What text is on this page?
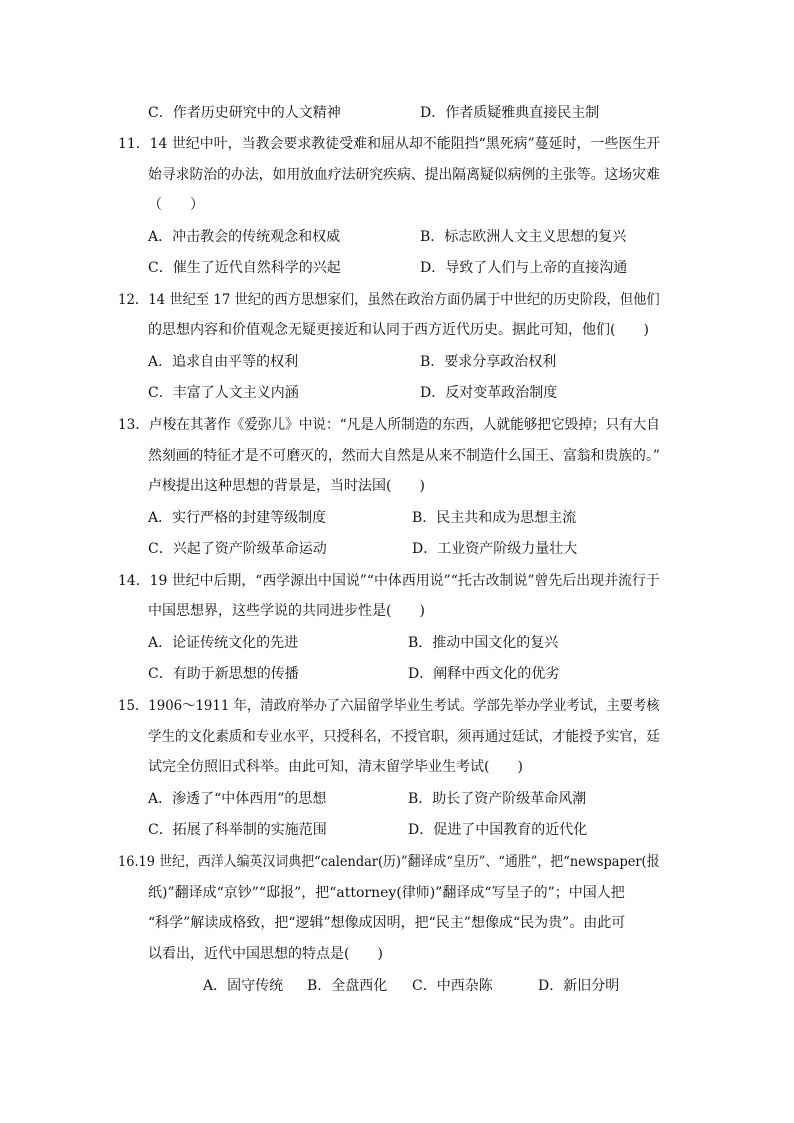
C．作者历史研究中的人文精神	D．作者质疑雅典直接民主制
11．14 世纪中叶，当教会要求教徒受难和屈从却不能阻挡“黑死病”蔓延时，一些医生开
始寻求防治的办法，如用放血疗法研究疾病、提出隔离疑似病例的主张等。这场灾难
（　　）
A．冲击教会的传统观念和权威	B．标志欧洲人文主义思想的复兴
C．催生了近代自然科学的兴起	D．导致了人们与上帝的直接沟通
12．14 世纪至 17 世纪的西方思想家们，虽然在政治方面仍属于中世纪的历史阶段，但他们
的思想内容和价值观念无疑更接近和认同于西方近代历史。据此可知，他们(　　)
A．追求自由平等的权利	B．要求分享政治权利
C．丰富了人文主义内涵	D．反对变革政治制度
13．卢梭在其著作《爱弥儿》中说：“凡是人所制造的东西，人就能够把它毁掉；只有大自
然刻画的特征才是不可磨灭的，然而大自然是从来不制造什么国王、富翁和贵族的。”
卢梭提出这种思想的背景是，当时法国(　　)
A．实行严格的封建等级制度	B．民主共和成为思想主流
C．兴起了资产阶级革命运动	D．工业资产阶级力量壮大
14．19 世纪中后期，“西学源出中国说”“中体西用说”“托古改制说”曾先后出现并流行于
中国思想界，这些学说的共同进步性是(　　)
A．论证传统文化的先进	B．推动中国文化的复兴
C．有助于新思想的传播	D．阐释中西文化的优劣
15．1906～1911 年，清政府举办了六届留学毕业生考试。学部先举办学业考试，主要考核
学生的文化素质和专业水平，只授科名，不授官职，须再通过廷试，才能授予实官，廷
试完全仿照旧式科举。由此可知，清末留学毕业生考试(　　)
A．渗透了“中体西用”的思想	B．助长了资产阶级革命风潮
C．拓展了科举制的实施范围	D．促进了中国教育的近代化
16.19 世纪，西洋人编英汉词典把“calendar(历)”翻译成“皇历”、“通胜”，把“newspaper(报
纸)”翻译成“京钞”“邸报”，把“attorney(律师)”翻译成“写呈子的”；中国人把
“科学”解读成格致，把“逻辑”想像成因明，把“民主”想像成“民为贵”。由此可
以看出，近代中国思想的特点是(　　)
A．固守传统 B．全盘西化 C．中西杂陈	D．新旧分明
